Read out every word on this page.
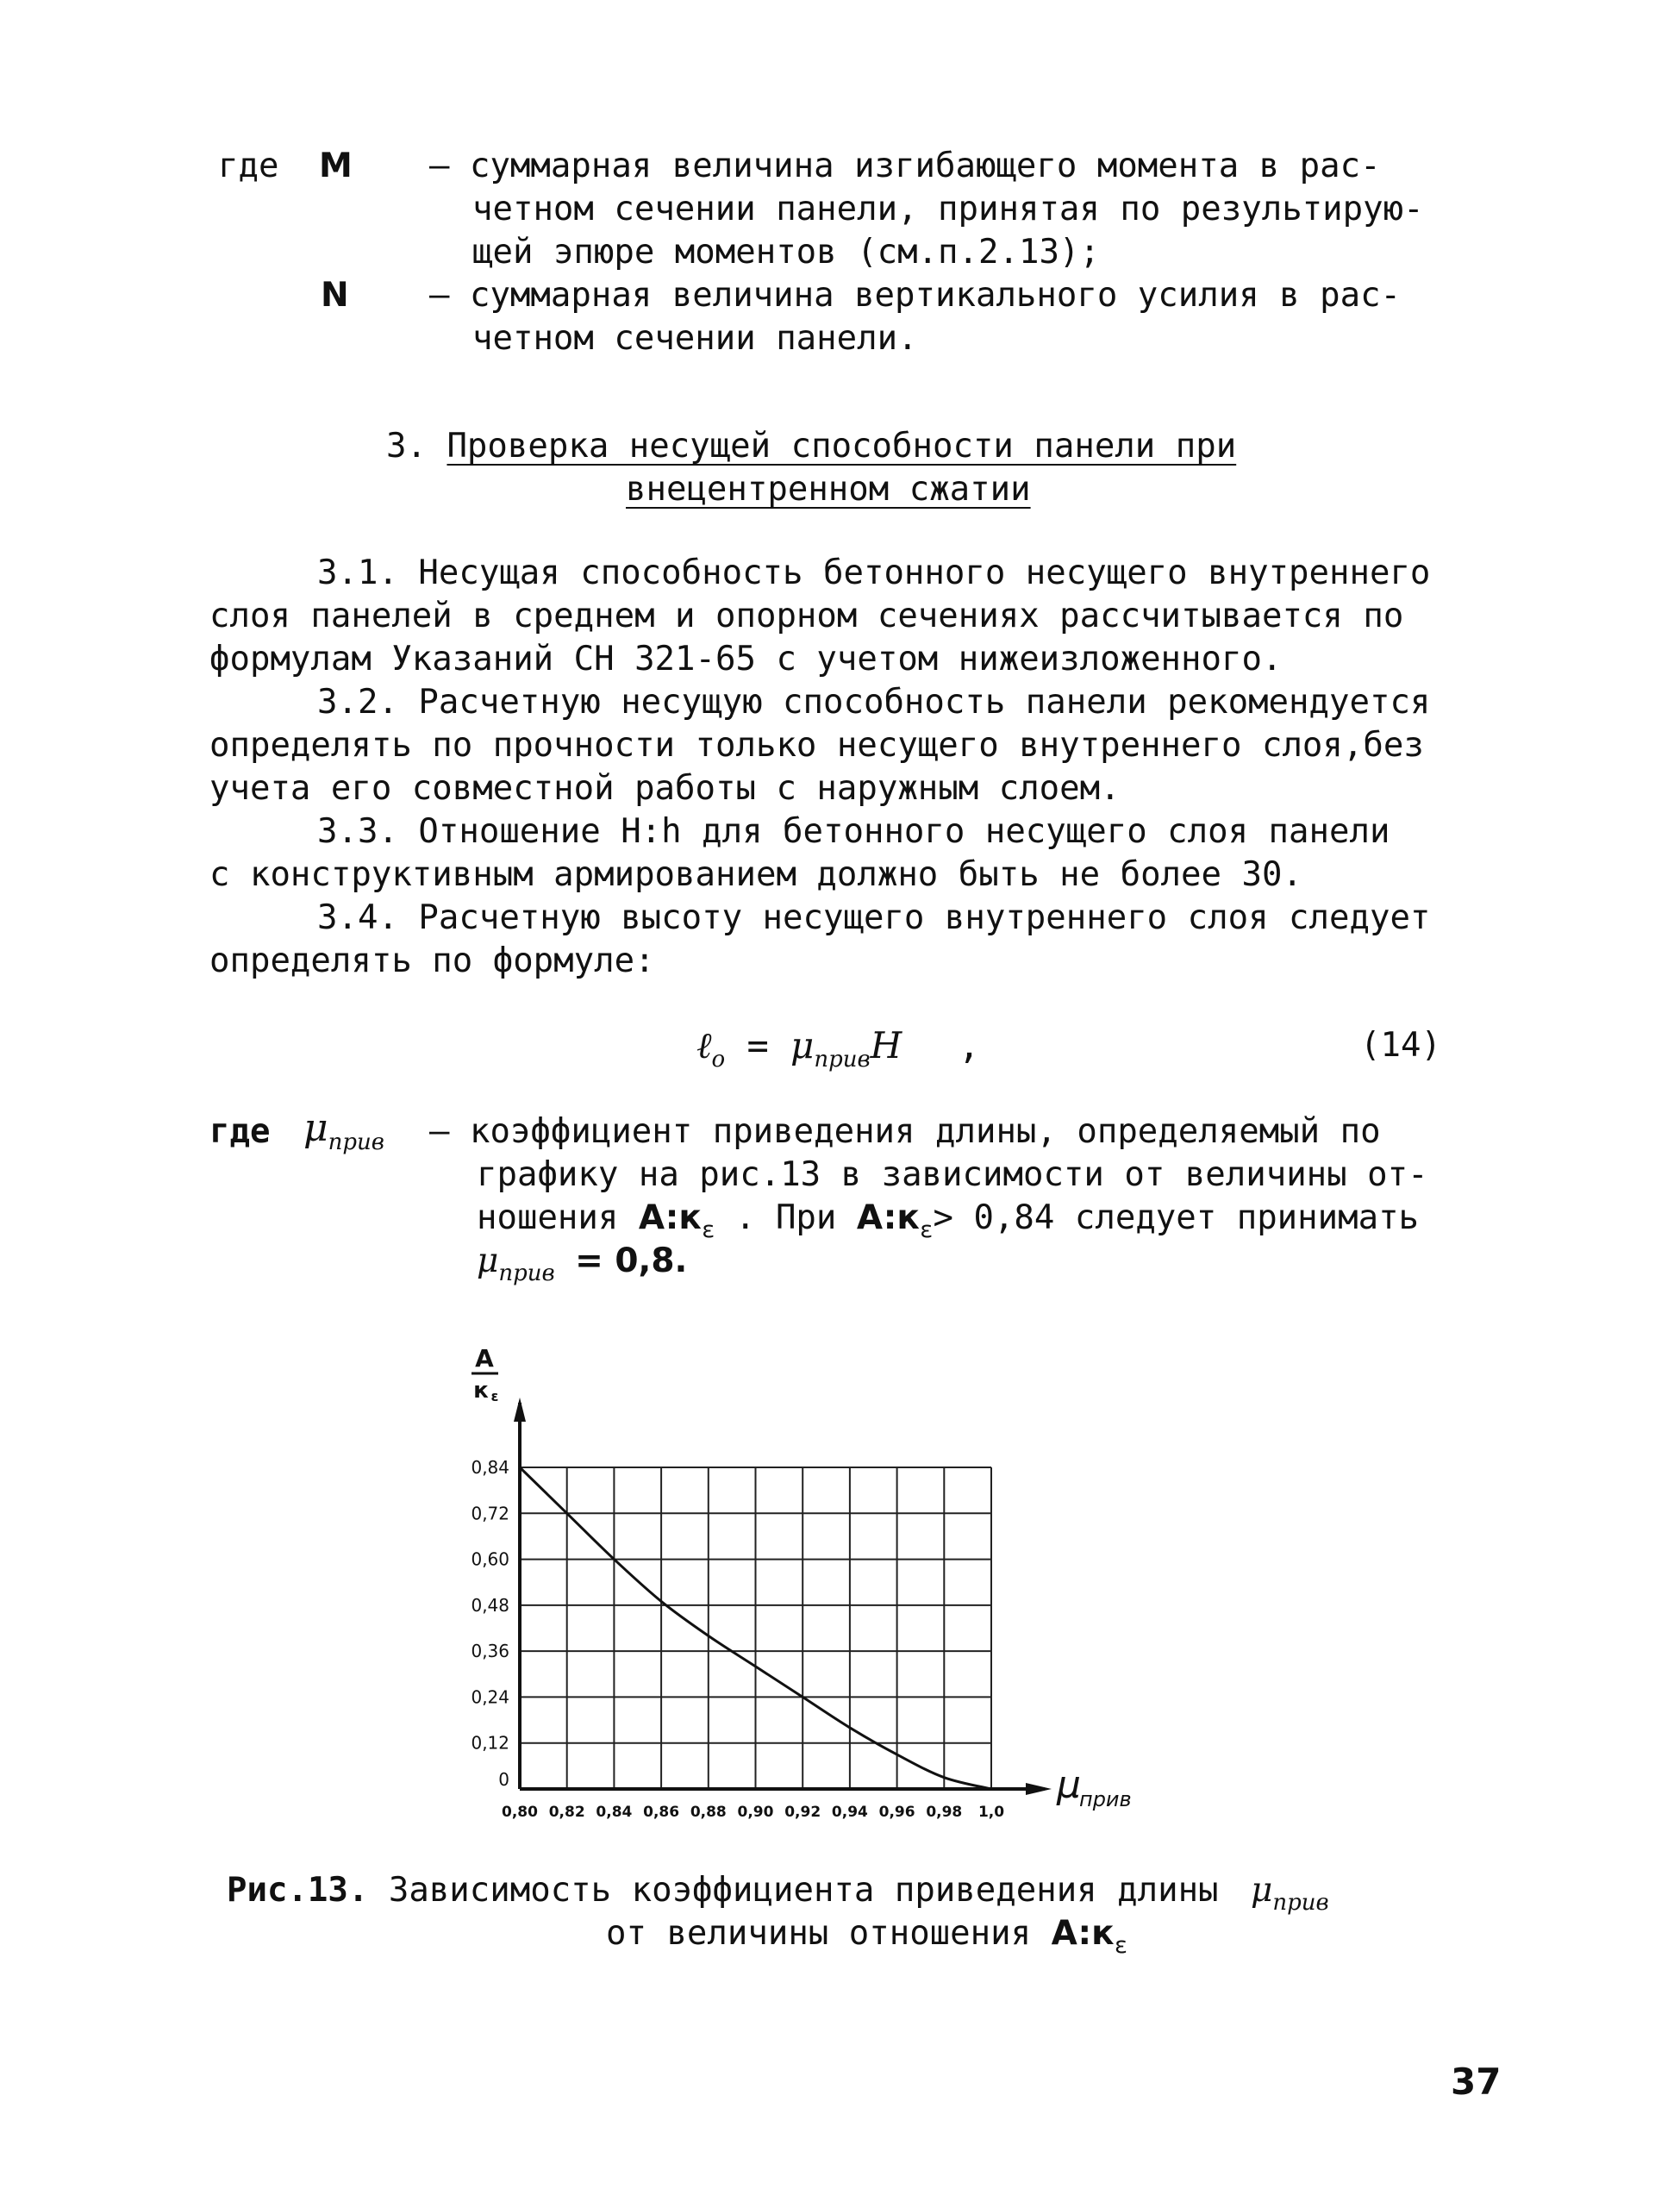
где M – суммарная величина изгибающего момента в рас-
четном сечении панели, принятая по результирую-
щей эпюре моментов (см.п.2.13);
N – суммарная величина вертикального усилия в рас-
четном сечении панели.
3. Проверка несущей способности панели при
внецентренном сжатии
3.1. Несущая способность бетонного несущего внутреннего
слоя панелей в среднем и опорном сечениях рассчитывается по
формулам Указаний СН 321-65 с учетом нижеизложенного.
3.2. Расчетную несущую способность панели рекомендуется
определять по прочности только несущего внутреннего слоя,без
учета его совместной работы с наружным слоем.
3.3. Отношение H:h для бетонного несущего слоя панели
с конструктивным армированием должно быть не более 30.
3.4. Расчетную высоту несущего внутреннего слоя следует
определять по формуле:
ℓ$_o$ = $\mu_{прив}H$ ,	(14)
где $\mu_{прив}$ – коэффициент приведения длины, определяемый по
графику на рис.13 в зависимости от величины от-
ношения $A:к_\varepsilon$ . При $A:к_\varepsilon> 0,84$ следует принимать
$\mu_{прив} = 0,8$.
0
0,12
0,24
0,36
0,48
0,60
0,72
0,84
0,80 0,82 0,84 0,86 0,88 0,90 0,92 0,94 0,96 0,98 1,0
A
к ε
μ
прив
Рис.13. Зависимость коэффициента приведения длины $\mu_{прив}$
от величины отношения $A:к_\varepsilon$
37
